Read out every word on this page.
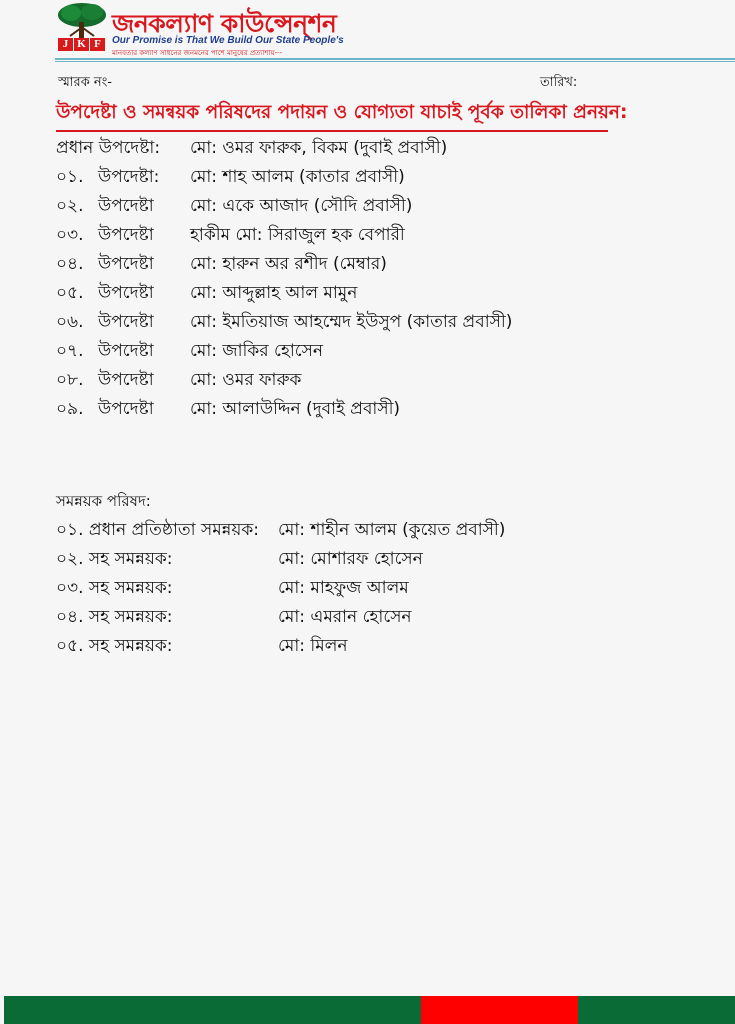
J K F
জনকল্যাণ কাউন্সেন্শন
Our Promise is That We Build Our State People's
মানবতার কল্যাণ সাধনের জনমনের পাশে মানুষের প্রত্যাশায়---
স্মারক নং-	তারিখ:
উপদেষ্টা ও সমন্বয়ক পরিষদের পদায়ন ও যোগ্যতা যাচাই পূর্বক তালিকা প্রনয়ন:
প্রধান উপদেষ্টা: মো: ওমর ফারুক, বিকম (দুবাই প্রবাসী)
০১. উপদেষ্টা: মো: শাহ আলম (কাতার প্রবাসী)
০২. উপদেষ্টা মো: একে আজাদ (সৌদি প্রবাসী)
০৩. উপদেষ্টা হাকীম মো: সিরাজুল হক বেপারী
০৪. উপদেষ্টা মো: হারুন অর রশীদ (মেম্বার)
০৫. উপদেষ্টা মো: আব্দুল্লাহ আল মামুন
০৬. উপদেষ্টা মো: ইমতিয়াজ আহম্মেদ ইউসুপ (কাতার প্রবাসী)
০৭. উপদেষ্টা মো: জাকির হোসেন
০৮. উপদেষ্টা মো: ওমর ফারুক
০৯. উপদেষ্টা মো: আলাউদ্দিন (দুবাই প্রবাসী)
সমন্নয়ক পরিষদ:
০১. প্রধান প্রতিষ্ঠাতা সমন্নয়ক: মো: শাহীন আলম (কুয়েত প্রবাসী)
০২. সহ সমন্নয়ক:	মো: মোশারফ হোসেন
০৩. সহ সমন্নয়ক:	মো: মাহফুজ আলম
০৪. সহ সমন্নয়ক:	মো: এমরান হোসেন
০৫. সহ সমন্নয়ক:	মো: মিলন
